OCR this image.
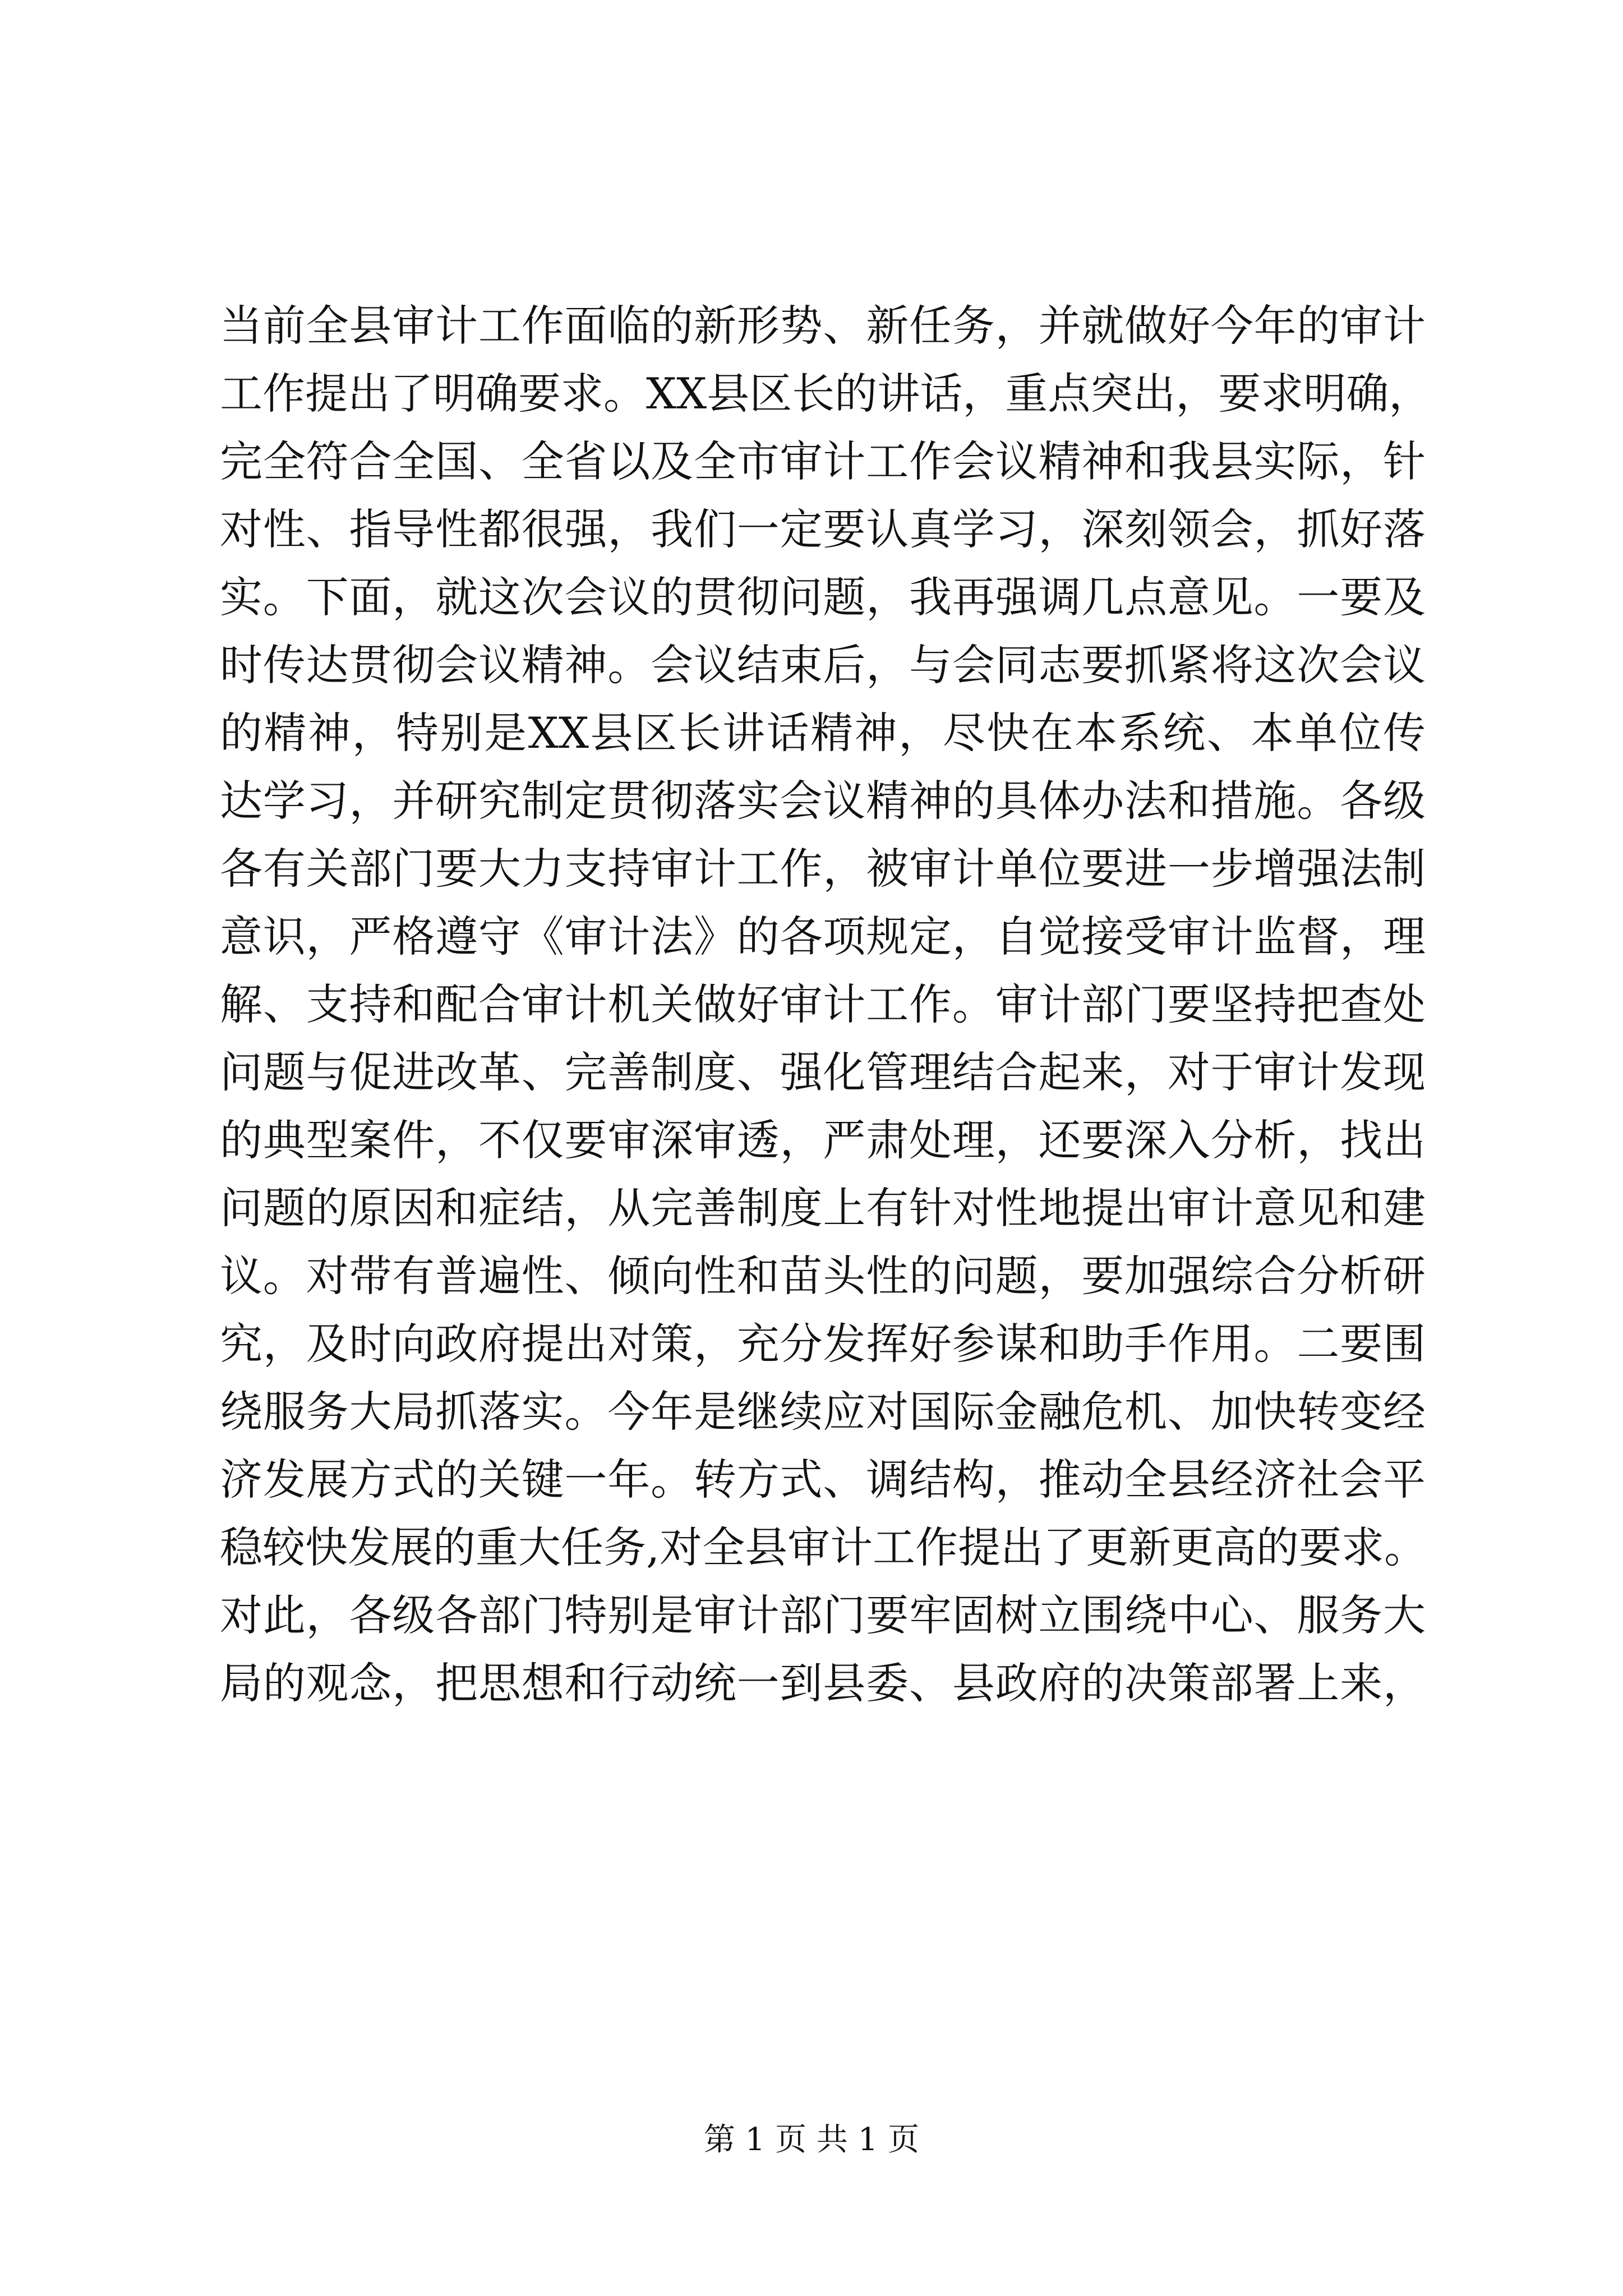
当前全县审计工作面临的新形势、新任务，并就做好今年的审计
工作提出了明确要求。XX县区长的讲话，重点突出，要求明确，
完全符合全国、全省以及全市审计工作会议精神和我县实际，针
对性、指导性都很强，我们一定要认真学习，深刻领会，抓好落
实。下面，就这次会议的贯彻问题，我再强调几点意见。一要及
时传达贯彻会议精神。会议结束后，与会同志要抓紧将这次会议
的精神，特别是XX县区长讲话精神，尽快在本系统、本单位传
达学习，并研究制定贯彻落实会议精神的具体办法和措施。各级
各有关部门要大力支持审计工作，被审计单位要进一步增强法制
意识，严格遵守《审计法》的各项规定，自觉接受审计监督，理
解、支持和配合审计机关做好审计工作。审计部门要坚持把查处
问题与促进改革、完善制度、强化管理结合起来，对于审计发现
的典型案件，不仅要审深审透，严肃处理，还要深入分析，找出
问题的原因和症结，从完善制度上有针对性地提出审计意见和建
议。对带有普遍性、倾向性和苗头性的问题，要加强综合分析研
究，及时向政府提出对策，充分发挥好参谋和助手作用。二要围
绕服务大局抓落实。今年是继续应对国际金融危机、加快转变经
济发展方式的关键一年。转方式、调结构，推动全县经济社会平
稳较快发展的重大任务,对全县审计工作提出了更新更高的要求。
对此，各级各部门特别是审计部门要牢固树立围绕中心、服务大
局的观念，把思想和行动统一到县委、县政府的决策部署上来，
第 1 页 共 1 页
